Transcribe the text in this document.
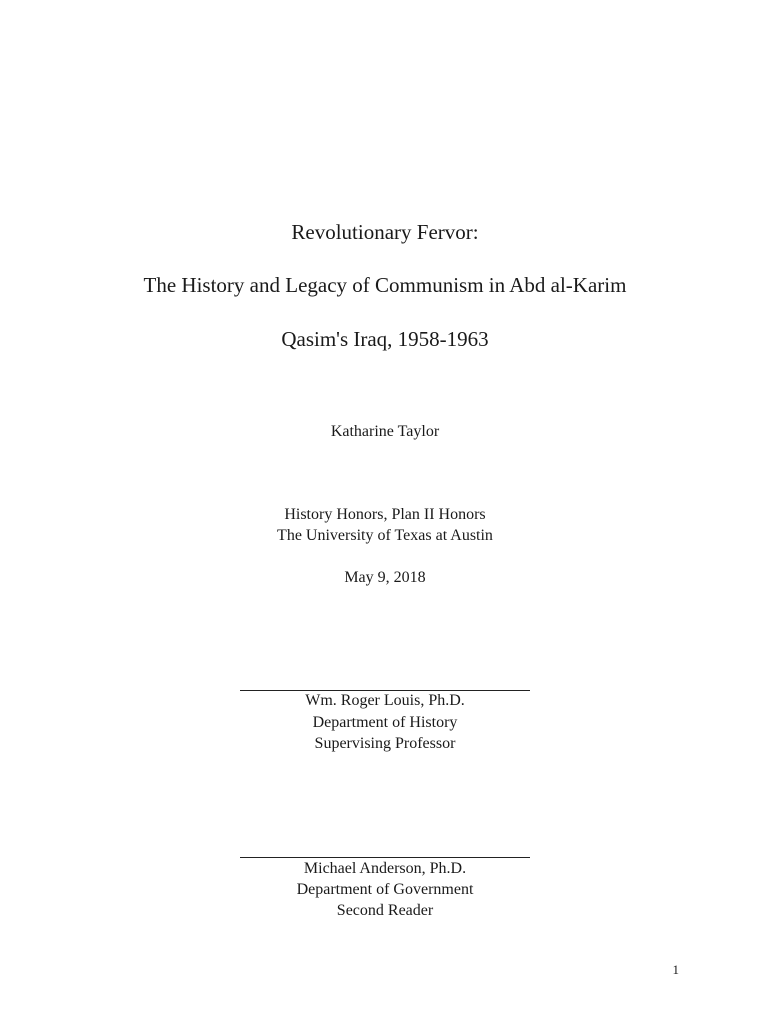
Revolutionary Fervor:
The History and Legacy of Communism in Abd al-Karim
Qasim's Iraq, 1958-1963
Katharine Taylor
History Honors, Plan II Honors
The University of Texas at Austin
May 9, 2018
Wm. Roger Louis, Ph.D.
Department of History
Supervising Professor
Michael Anderson, Ph.D.
Department of Government
Second Reader
1
